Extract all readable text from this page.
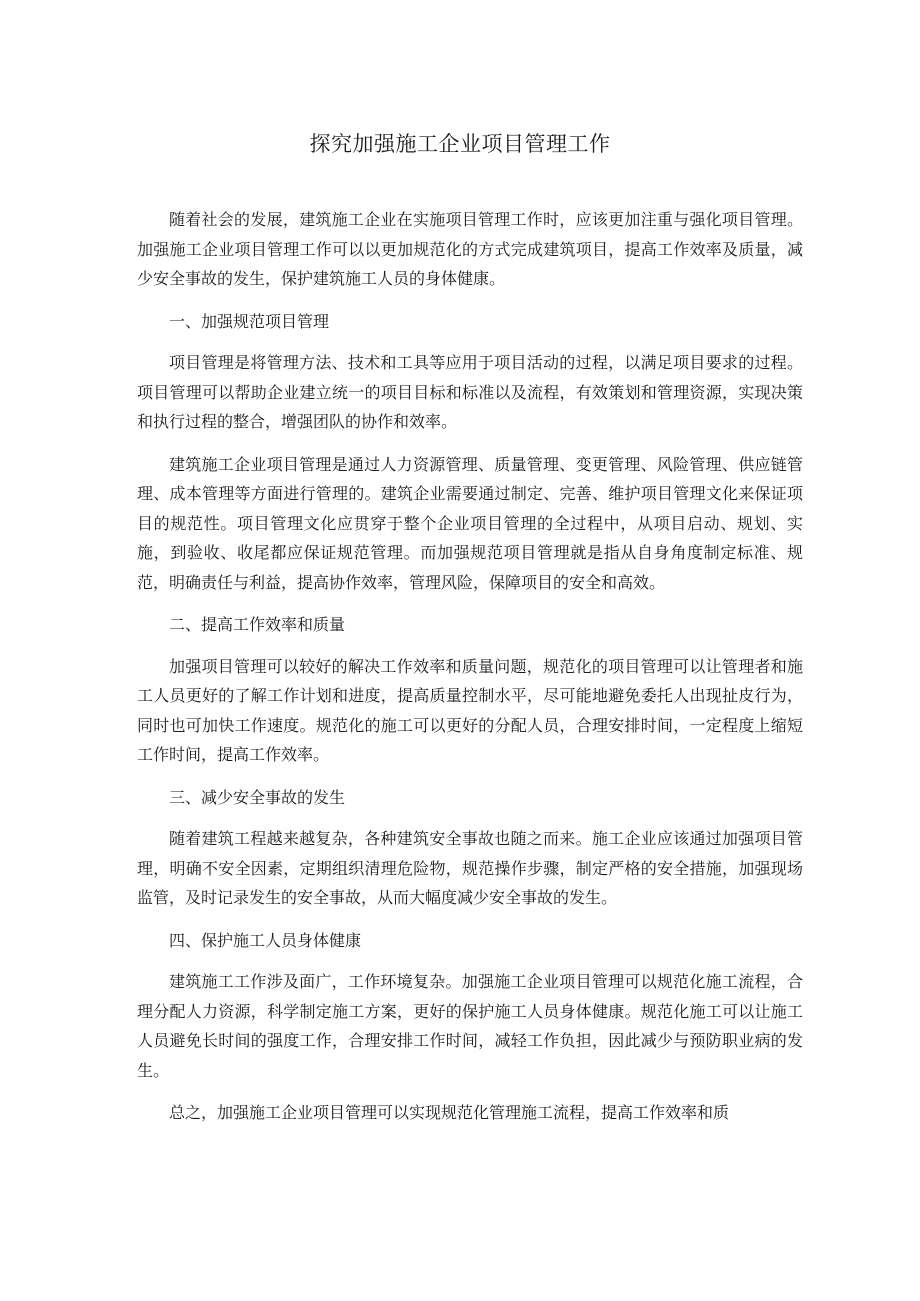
探究加强施工企业项目管理工作

随着社会的发展，建筑施工企业在实施项目管理工作时，应该更加注重与强化项目管理。加强施工企业项目管理工作可以以更加规范化的方式完成建筑项目，提高工作效率及质量，减少安全事故的发生，保护建筑施工人员的身体健康。

一、加强规范项目管理

项目管理是将管理方法、技术和工具等应用于项目活动的过程，以满足项目要求的过程。项目管理可以帮助企业建立统一的项目目标和标准以及流程，有效策划和管理资源，实现决策和执行过程的整合，增强团队的协作和效率。

建筑施工企业项目管理是通过人力资源管理、质量管理、变更管理、风险管理、供应链管理、成本管理等方面进行管理的。建筑企业需要通过制定、完善、维护项目管理文化来保证项目的规范性。项目管理文化应贯穿于整个企业项目管理的全过程中，从项目启动、规划、实施，到验收、收尾都应保证规范管理。而加强规范项目管理就是指从自身角度制定标准、规范，明确责任与利益，提高协作效率，管理风险，保障项目的安全和高效。

二、提高工作效率和质量

加强项目管理可以较好的解决工作效率和质量问题，规范化的项目管理可以让管理者和施工人员更好的了解工作计划和进度，提高质量控制水平，尽可能地避免委托人出现扯皮行为，同时也可加快工作速度。规范化的施工可以更好的分配人员，合理安排时间，一定程度上缩短工作时间，提高工作效率。

三、减少安全事故的发生

随着建筑工程越来越复杂，各种建筑安全事故也随之而来。施工企业应该通过加强项目管理，明确不安全因素，定期组织清理危险物，规范操作步骤，制定严格的安全措施，加强现场监管，及时记录发生的安全事故，从而大幅度减少安全事故的发生。

四、保护施工人员身体健康

建筑施工工作涉及面广，工作环境复杂。加强施工企业项目管理可以规范化施工流程，合理分配人力资源，科学制定施工方案，更好的保护施工人员身体健康。规范化施工可以让施工人员避免长时间的强度工作，合理安排工作时间，减轻工作负担，因此减少与预防职业病的发生。

总之，加强施工企业项目管理可以实现规范化管理施工流程，提高工作效率和质
